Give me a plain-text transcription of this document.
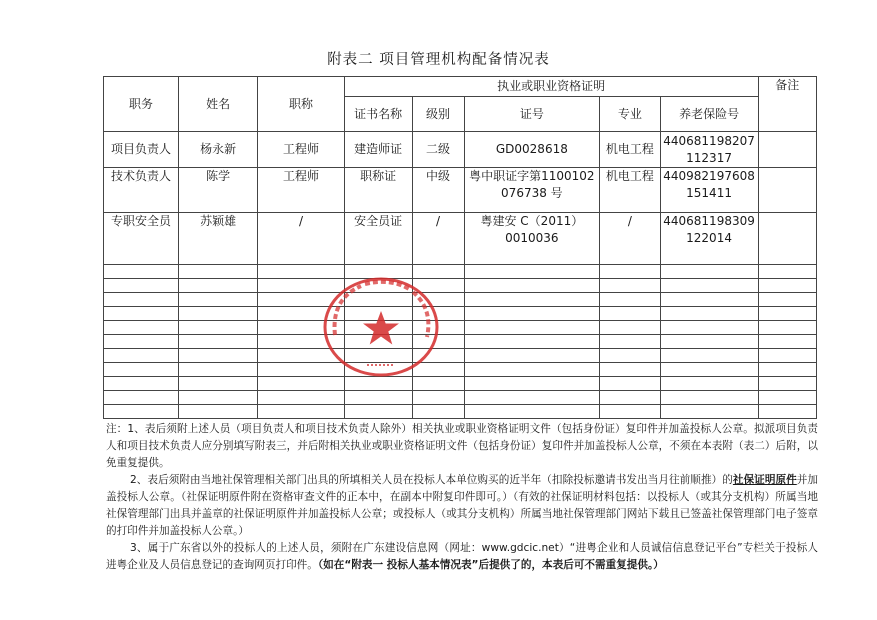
附表二 项目管理机构配备情况表
职务	姓名	职称	执业或职业资格证明					备注
			证书名称	级别	证号	专业	养老保险号	
项目负责人	杨永新	工程师	建造师证	二级	GD0028618	机电工程	440681198207112317	
技术负责人	陈学	工程师	职称证	中级	粤中职证字第1100102076738 号	机电工程	440982197608151411	
专职安全员	苏颖雄	/	安全员证	/	粤建安 C（2011）0010036	/	440681198309122014	

注：1、表后须附上述人员（项目负责人和项目技术负责人除外）相关执业或职业资格证明文件（包括身份证）复印件并加盖投标人公章。拟派项目负责人和项目技术负责人应分别填写附表三，并后附相关执业或职业资格证明文件（包括身份证）复印件并加盖投标人公章，不须在本表附（表二）后附，以免重复提供。

2、表后须附由当地社保管理相关部门出具的所填相关人员在投标人本单位购买的近半年（扣除投标邀请书发出当月往前顺推）的社保证明原件并加盖投标人公章。（社保证明原件附在资格审查文件的正本中，在副本中附复印件即可。）（有效的社保证明材料包括：以投标人（或其分支机构）所属当地社保管理部门出具并盖章的社保证明原件并加盖投标人公章；或投标人（或其分支机构）所属当地社保管理部门网站下载且已签盖社保管理部门电子签章的打印件并加盖投标人公章。）

3、属于广东省以外的投标人的上述人员，须附在广东建设信息网（网址：www.gdcic.net）“进粤企业和人员诚信信息登记平台”专栏关于投标人进粤企业及人员信息登记的查询网页打印件。（如在“附表一 投标人基本情况表”后提供了的，本表后可不需重复提供。）
